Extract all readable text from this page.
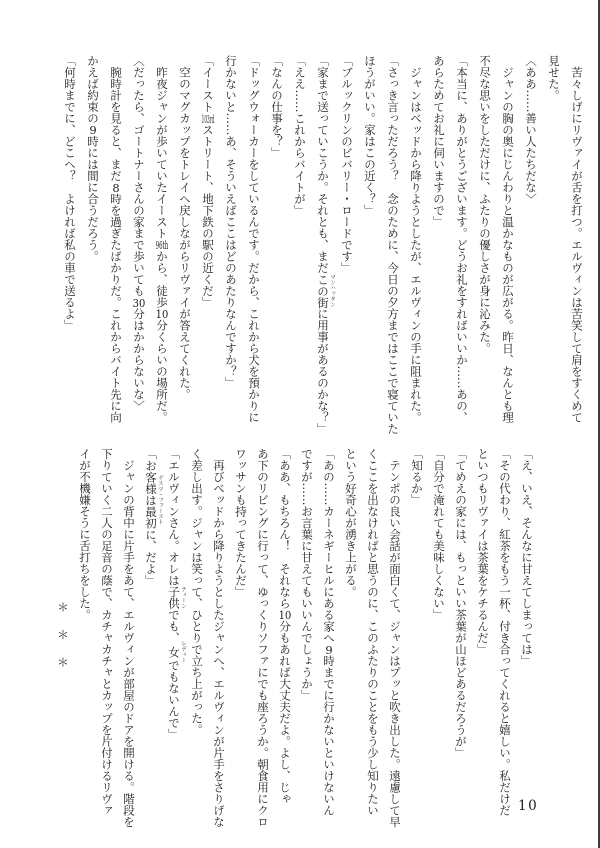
　苦々しげにリヴァイが舌を打つ。エルヴィンは苦笑して肩をすくめて
見せた。
〈ああ……善い人たちだな〉
　ジャンの胸の奥にじんわりと温かなものが広がる。昨日、なんとも理
不尽な思いをしただけに、ふたりの優しさが身に沁みた。
「本当に、ありがとうございます。どうお礼をすればいいか……あの、
あらためてお礼に伺いますので」
　ジャンはベッドから降りようとしたが、エルヴィンの手に阻まれた。
「さっき言っただろう？　念のために、今日の夕方まではここで寝ていた
ほうがいい。家はこの近く？」
「ブルックリンのビバリー・ロードです」
「家まで送っていこうか。それとも、まだこの街 マンハッタンに用事があるのかな？」
「ええ……これからバイトが」
「なんの仕事を？」
「ドッグウォーカーをしているんです。だから、これから犬を預かりに
行かないと……あ、そういえばここはどのあたりなんですか？」
「イースト103rdストリート、地下鉄の駅の近くだ」
　空のマグカップをトレイへ戻しながらリヴァイが答えてくれた。
　昨夜ジャンが歩いていたイースト96thから、徒歩10分くらいの場所だ。
〈だったら、ゴートナーさんの家まで歩いても30分はかからないな〉
　腕時計を見ると、まだ8時を過ぎたばかりだ。これからバイト先に向
かえば約束の9時には間に合うだろう。
「何時までに、どこへ？　よければ私の車で送るよ」
「え、いえ、そんなに甘えてしまっては」
「その代わり、紅茶をもう一杯、付き合ってくれると嬉しい。私だけだ
といつもリヴァイは茶葉をケチるんだ」
「てめえの家には、もっといい茶葉が山ほどあるだろうが」
「自分で淹れても美味しくない」
「知るか」
　テンポの良い会話が面白くて、ジャンはプッと吹き出した。遠慮して早
くここを出なければと思うのに、このふたりのことをもう少し知りたい
という好奇心が湧き上がる。
「あの……カーネギーヒルにある家へ9時までに行かないといけないん
ですが……お言葉に甘えてもいいんでしょうか」
「ああ、もちろん！　それなら10分もあれば大丈夫だよ。よし、じゃ
あ下のリビングに行って、ゆっくりソファにでも座ろうか。朝食用にクロ
ワッサンも持ってきたんだ」
　再びベッドから降りようとしたジャンへ、エルヴィンが片手をさりげな
く差し出す。ジャンは笑って、ひとりで立ち上がった。
「エルヴィンさん。オレは子供 ティーンでも、女 レディーでもないんで」
「お客様は最初に ゲスツ・ファースト、だよ」
　ジャンの背中に片手をあて、エルヴィンが部屋のドアを開ける。階段を
下りていく二人の足音の蔭で、カチャカチャとカップを片付けるリヴァ
イが不機嫌そうに舌打ちをした。
＊＊＊
10
